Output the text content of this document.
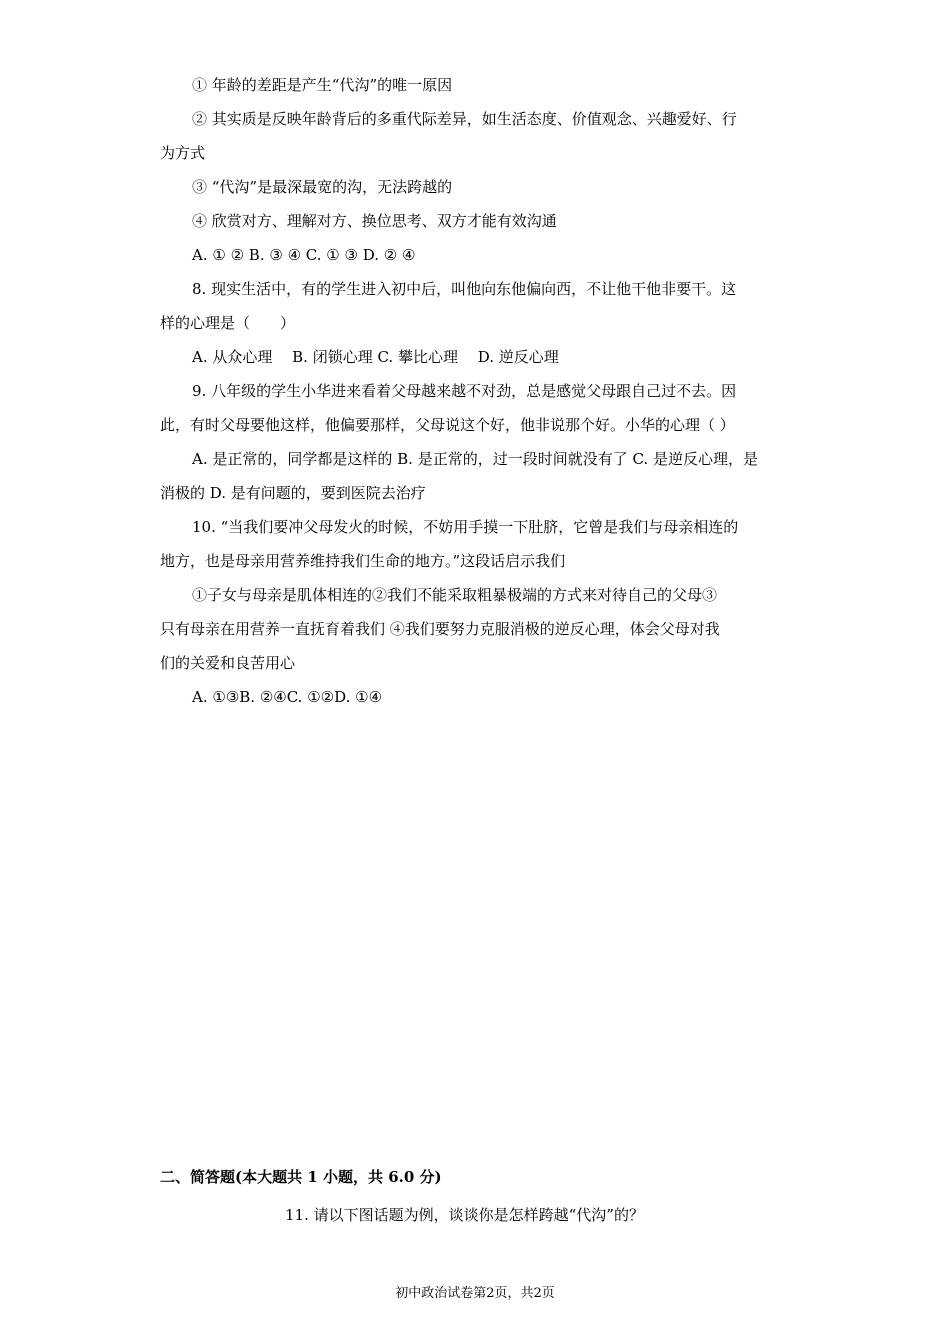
① 年龄的差距是产生“代沟”的唯一原因
② 其实质是反映年龄背后的多重代际差异，如生活态度、价值观念、兴趣爱好、行
为方式
③ “代沟”是最深最宽的沟，无法跨越的
④ 欣赏对方、理解对方、换位思考、双方才能有效沟通
A. ① ② B. ③ ④ C. ① ③ D. ② ④
8. 现实生活中，有的学生进入初中后，叫他向东他偏向西，不让他干他非要干。这
样的心理是（　　）
A. 从众心理　 B. 闭锁心理 C. 攀比心理　 D. 逆反心理
9. 八年级的学生小华进来看着父母越来越不对劲，总是感觉父母跟自己过不去。因
此，有时父母要他这样，他偏要那样，父母说这个好，他非说那个好。小华的心理（ ）
A. 是正常的，同学都是这样的 B. 是正常的，过一段时间就没有了 C. 是逆反心理，是
消极的 D. 是有问题的，要到医院去治疗
10. “当我们要冲父母发火的时候，不妨用手摸一下肚脐，它曾是我们与母亲相连的
地方，也是母亲用营养维持我们生命的地方。”这段话启示我们
①子女与母亲是肌体相连的②我们不能采取粗暴极端的方式来对待自己的父母③
只有母亲在用营养一直抚育着我们 ④我们要努力克服消极的逆反心理，体会父母对我
们的关爱和良苦用心
A. ①③B. ②④C. ①②D. ①④
二、简答题(本大题共 1 小题，共 6.0 分)
11. 请以下图话题为例，谈谈你是怎样跨越“代沟”的？
初中政治试卷第2页，共2页
